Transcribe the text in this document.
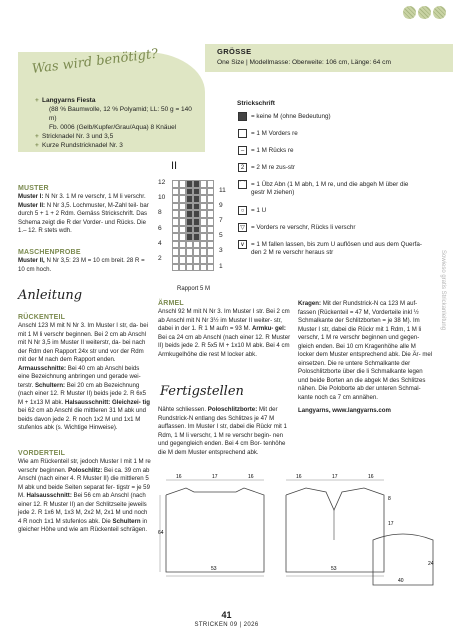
GRÖSSE
One Size | Modellmasse: Oberweite: 106 cm, Länge: 64 cm
Was wird benötigt?
+ Langyarns Fiesta
(88 % Baumwolle, 12 % Polyamid; LL: 50 g = 140 m)
Fb. 0006 (Gelb/Kupfer/Grau/Aqua) 8 Knäuel
+ Stricknadel Nr. 3 und 3,5
+ Kurze Rundstricknadel Nr. 3
MUSTER
Muster I: N Nr 3. 1 M re verschr, 1 M li verschr. Muster II: N Nr 3,5. Lochmuster, M-Zahl teil- bar durch 5 + 1 + 2 Rdm. Gemäss Strickschrift. Das Schema zeigt die R der Vorder- und Rücks. Die 1.– 12. R stets wdh.
MASCHENPROBE
Muster II, N Nr 3,5: 23 M = 10 cm breit. 28 R = 10 cm hoch.
II
12
10
8
6
4
2
11
9
7
5
3
1
Rapport 5 M
Strickschrift
= keine M (ohne Bedeutung)
= 1 M Vorders re
–	= 1 M Rücks re
2	= 2 M re zus-str
⌒ = 1 Übz Abn (1 M abh, 1 M re, und die abgeh M über die
gestr M ziehen)
○	= 1 U
▽ = Vorders re verschr, Rücks li verschr
∨ = 1 M fallen lassen, bis zum U auflösen und aus dem Querfa-
den 2 M re verschr heraus str
Anleitung
RÜCKENTEIL
Anschl 123 M mit N Nr 3. Im Muster I str, da- bei mit 1 M li verschr beginnen. Bei 2 cm ab Anschl mit N Nr 3,5 im Muster II weiterstr, da- bei nach der Rdm den Rapport 24x str und vor der Rdm mit der M nach dem Rapport enden. Armausschnitte: Bei 40 cm ab Anschl beids eine Bezeichnung anbringen und gerade wei- terstr. Schultern: Bei 20 cm ab Bezeichnung (nach einer 12. R Muster II) beids jede 2. R 6x5 M + 1x13 M abk. Halsausschnitt: Gleichzei- tig bei 62 cm ab Anschl die mittleren 31 M abk und beids davon jede 2. R noch 1x2 M und 1x1 M stufenlos abk (s. Wichtige Hinweise).
VORDERTEIL
Wie am Rückenteil str, jedoch Muster I mit 1 M re verschr beginnen. Poloschlitz: Bei ca. 39 cm ab Anschl (nach einer 4. R Muster II) die mittleren 5 M abk und beide Seiten separat fer- tigstr = je 59 M. Halsausschnitt: Bei 56 cm ab Anschl (nach einer 12. R Muster II) an der Schlitzseite jeweils jede 2. R 1x6 M, 1x3 M, 2x2 M, 2x1 M und noch 4 R noch 1x1 M stufenlos abk. Die Schultern in gleicher Höhe und wie am Rückenteil schrägen.
ÄRMEL
Anschl 92 M mit N Nr 3. Im Muster I str. Bei 2 cm ab Anschl mit N Nr 3½ im Muster II weiter- str, dabei in der 1. R 1 M aufn = 93 M. Armku- gel: Bei ca 24 cm ab Anschl (nach einer 12. R Muster II) beids jede 2. R 5x5 M + 1x10 M abk. Bei 4 cm Armkugelhöhe die rest M locker abk.
Fertigstellen
Nähte schliessen. Poloschlitzborte: Mit der Rundstrick-N entlang des Schlitzes je 47 M auffassen. Im Muster I str, dabei die Rückr mit 1 Rdm, 1 M li verschr, 1 M re verschr begin- nen und gegengleich enden. Bei 4 cm Bor- tenhöhe die M dem Muster entsprechend abk.
Kragen: Mit der Rundstrick-N ca 123 M auf- fassen (Rückenteil = 47 M, Vorderteile inkl ½ Schmalkante der Schlitzborten = je 38 M). Im Muster I str, dabei die Rückr mit 1 Rdm, 1 M li verschr, 1 M re verschr beginnen und gegen- gleich enden. Bei 10 cm Kragenhöhe alle M locker dem Muster entsprechend abk. Die Är- mel einsetzen. Die re untere Schmalkante der Poloschlitzborte über die li Schmalkante legen und beide Borten an die abgek M des Schlitzes nähen. Die Poloborte ab der unteren Schmal- kante noch ca 7 cm annähen.
Langyarns, www.langyarns.com
16	17	16
64
53
16	17	16
8
17
53
24
40
Sowieso gratis Strickanleitung
41
STRICKEN 09 | 2026
